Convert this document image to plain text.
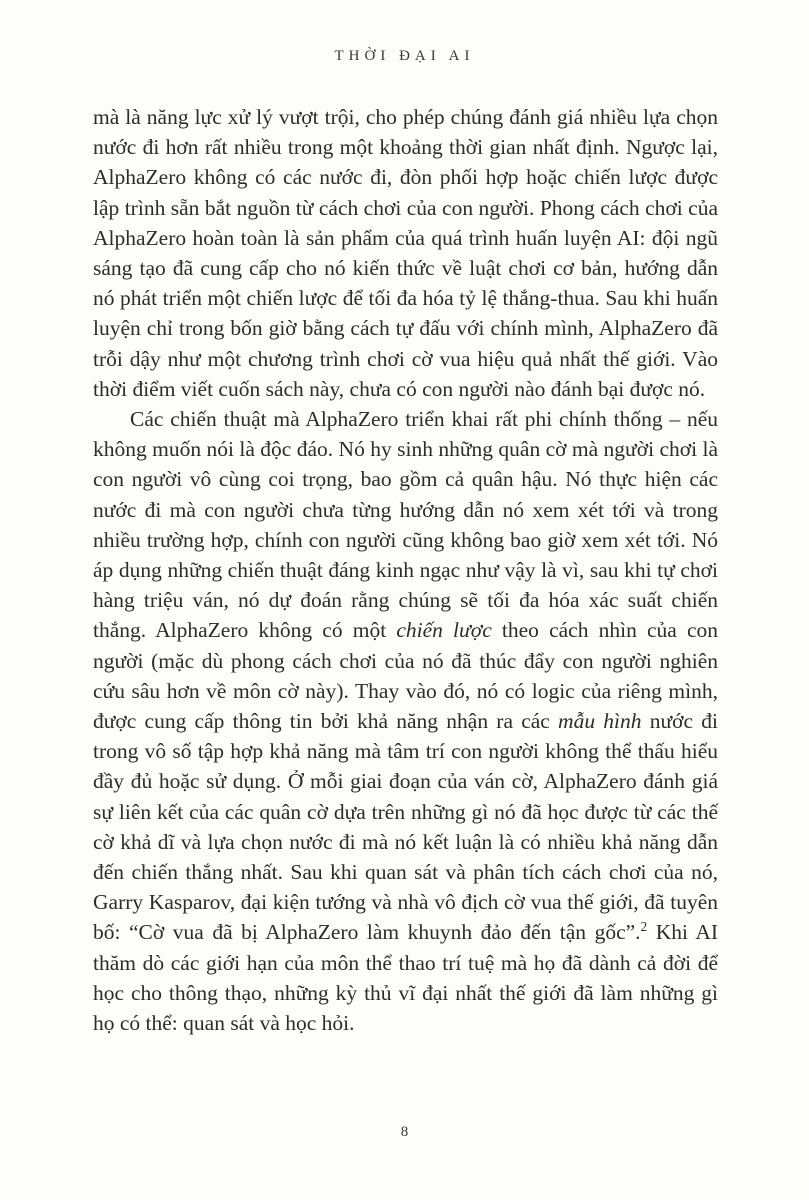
THỜI ĐẠI AI

mà là năng lực xử lý vượt trội, cho phép chúng đánh giá nhiều lựa chọn nước đi hơn rất nhiều trong một khoảng thời gian nhất định. Ngược lại, AlphaZero không có các nước đi, đòn phối hợp hoặc chiến lược được lập trình sẵn bắt nguồn từ cách chơi của con người. Phong cách chơi của AlphaZero hoàn toàn là sản phẩm của quá trình huấn luyện AI: đội ngũ sáng tạo đã cung cấp cho nó kiến thức về luật chơi cơ bản, hướng dẫn nó phát triển một chiến lược để tối đa hóa tỷ lệ thắng-thua. Sau khi huấn luyện chỉ trong bốn giờ bằng cách tự đấu với chính mình, AlphaZero đã trỗi dậy như một chương trình chơi cờ vua hiệu quả nhất thế giới. Vào thời điểm viết cuốn sách này, chưa có con người nào đánh bại được nó.

Các chiến thuật mà AlphaZero triển khai rất phi chính thống – nếu không muốn nói là độc đáo. Nó hy sinh những quân cờ mà người chơi là con người vô cùng coi trọng, bao gồm cả quân hậu. Nó thực hiện các nước đi mà con người chưa từng hướng dẫn nó xem xét tới và trong nhiều trường hợp, chính con người cũng không bao giờ xem xét tới. Nó áp dụng những chiến thuật đáng kinh ngạc như vậy là vì, sau khi tự chơi hàng triệu ván, nó dự đoán rằng chúng sẽ tối đa hóa xác suất chiến thắng. AlphaZero không có một chiến lược theo cách nhìn của con người (mặc dù phong cách chơi của nó đã thúc đẩy con người nghiên cứu sâu hơn về môn cờ này). Thay vào đó, nó có logic của riêng mình, được cung cấp thông tin bởi khả năng nhận ra các mẫu hình nước đi trong vô số tập hợp khả năng mà tâm trí con người không thể thấu hiểu đầy đủ hoặc sử dụng. Ở mỗi giai đoạn của ván cờ, AlphaZero đánh giá sự liên kết của các quân cờ dựa trên những gì nó đã học được từ các thế cờ khả dĩ và lựa chọn nước đi mà nó kết luận là có nhiều khả năng dẫn đến chiến thắng nhất. Sau khi quan sát và phân tích cách chơi của nó, Garry Kasparov, đại kiện tướng và nhà vô địch cờ vua thế giới, đã tuyên bố: “Cờ vua đã bị AlphaZero làm khuynh đảo đến tận gốc”.$^2$ Khi AI thăm dò các giới hạn của môn thể thao trí tuệ mà họ đã dành cả đời để học cho thông thạo, những kỳ thủ vĩ đại nhất thế giới đã làm những gì họ có thể: quan sát và học hỏi.

8
